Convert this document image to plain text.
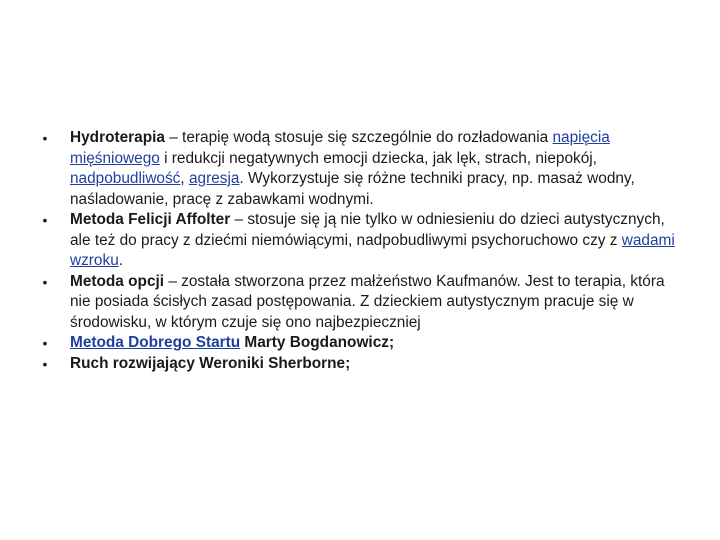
• Hydroterapia – terapię wodą stosuje się szczególnie do rozładowania napięcia mięśniowego i redukcji negatywnych emocji dziecka, jak lęk, strach, niepokój, nadpobudliwość, agresja. Wykorzystuje się różne techniki pracy, np. masaż wodny, naśladowanie, pracę z zabawkami wodnymi.
• Metoda Felicji Affolter – stosuje się ją nie tylko w odniesieniu do dzieci autystycznych, ale też do pracy z dziećmi niemówiącymi, nadpobudliwymi psychoruchowo czy z wadami wzroku.
• Metoda opcji – została stworzona przez małżeństwo Kaufmanów. Jest to terapia, która nie posiada ścisłych zasad postępowania. Z dzieckiem autystycznym pracuje się w środowisku, w którym czuje się ono najbezpieczniej
• Metoda Dobrego Startu Marty Bogdanowicz;
• Ruch rozwijający Weroniki Sherborne;
